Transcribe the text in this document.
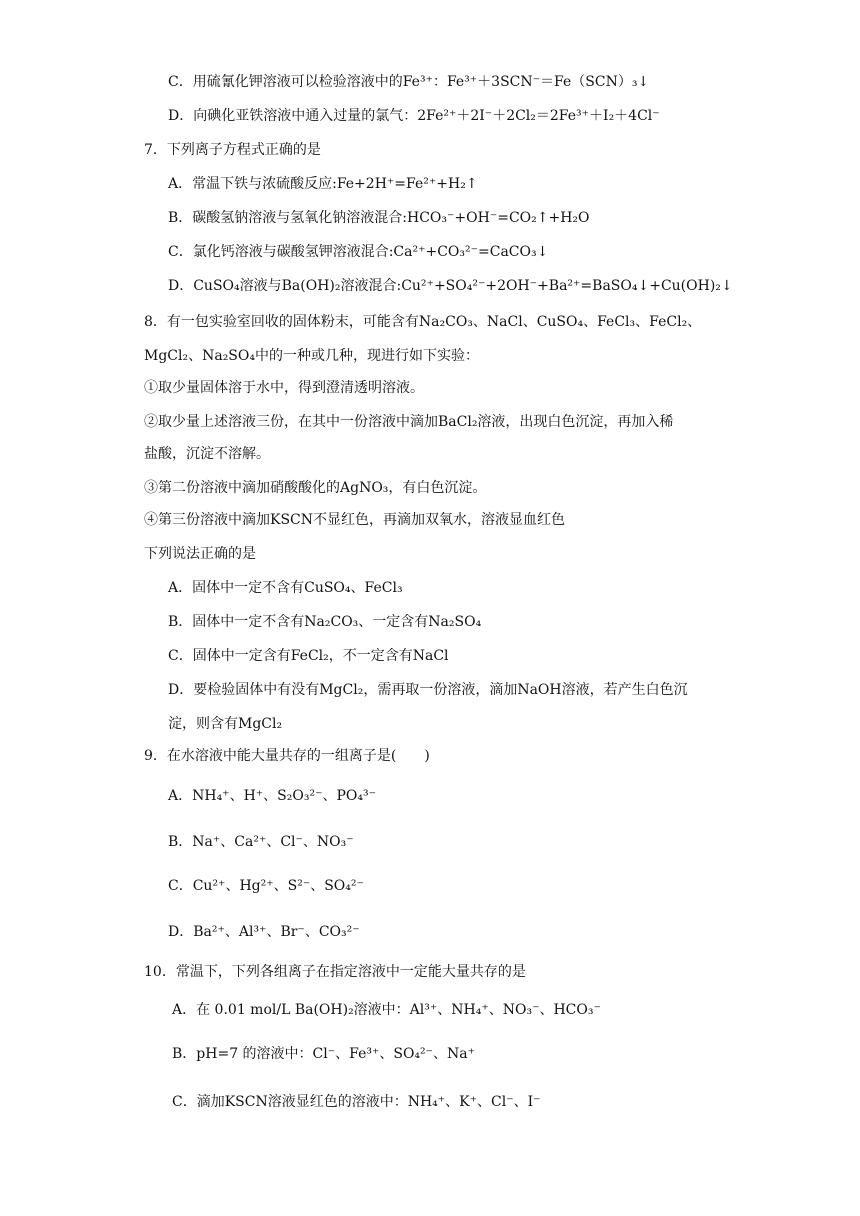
C．用硫氰化钾溶液可以检验溶液中的Fe³⁺：Fe³⁺＋3SCN⁻＝Fe（SCN）₃↓
D．向碘化亚铁溶液中通入过量的氯气：2Fe²⁺＋2I⁻＋2Cl₂＝2Fe³⁺＋I₂＋4Cl⁻
7．下列离子方程式正确的是
A．常温下铁与浓硫酸反应:Fe+2H⁺=Fe²⁺+H₂↑
B．碳酸氢钠溶液与氢氧化钠溶液混合:HCO₃⁻+OH⁻=CO₂↑+H₂O
C．氯化钙溶液与碳酸氢钾溶液混合:Ca²⁺+CO₃²⁻=CaCO₃↓
D．CuSO₄溶液与Ba(OH)₂溶液混合:Cu²⁺+SO₄²⁻+2OH⁻+Ba²⁺=BaSO₄↓+Cu(OH)₂↓
8．有一包实验室回收的固体粉末，可能含有Na₂CO₃、NaCl、CuSO₄、FeCl₃、FeCl₂、
MgCl₂、Na₂SO₄中的一种或几种，现进行如下实验：
①取少量固体溶于水中，得到澄清透明溶液。
②取少量上述溶液三份，在其中一份溶液中滴加BaCl₂溶液，出现白色沉淀，再加入稀
盐酸，沉淀不溶解。
③第二份溶液中滴加硝酸酸化的AgNO₃，有白色沉淀。
④第三份溶液中滴加KSCN不显红色，再滴加双氧水，溶液显血红色
下列说法正确的是
A．固体中一定不含有CuSO₄、FeCl₃
B．固体中一定不含有Na₂CO₃、一定含有Na₂SO₄
C．固体中一定含有FeCl₂，不一定含有NaCl
D．要检验固体中有没有MgCl₂，需再取一份溶液，滴加NaOH溶液，若产生白色沉
淀，则含有MgCl₂
9．在水溶液中能大量共存的一组离子是(　　)
A．NH₄⁺、H⁺、S₂O₃²⁻、PO₄³⁻
B．Na⁺、Ca²⁺、Cl⁻、NO₃⁻
C．Cu²⁺、Hg²⁺、S²⁻、SO₄²⁻
D．Ba²⁺、Al³⁺、Br⁻、CO₃²⁻
10．常温下，下列各组离子在指定溶液中一定能大量共存的是
A．在 0.01 mol/L Ba(OH)₂溶液中：Al³⁺、NH₄⁺、NO₃⁻、HCO₃⁻
B．pH=7 的溶液中：Cl⁻、Fe³⁺、SO₄²⁻、Na⁺
C．滴加KSCN溶液显红色的溶液中：NH₄⁺、K⁺、Cl⁻、I⁻
